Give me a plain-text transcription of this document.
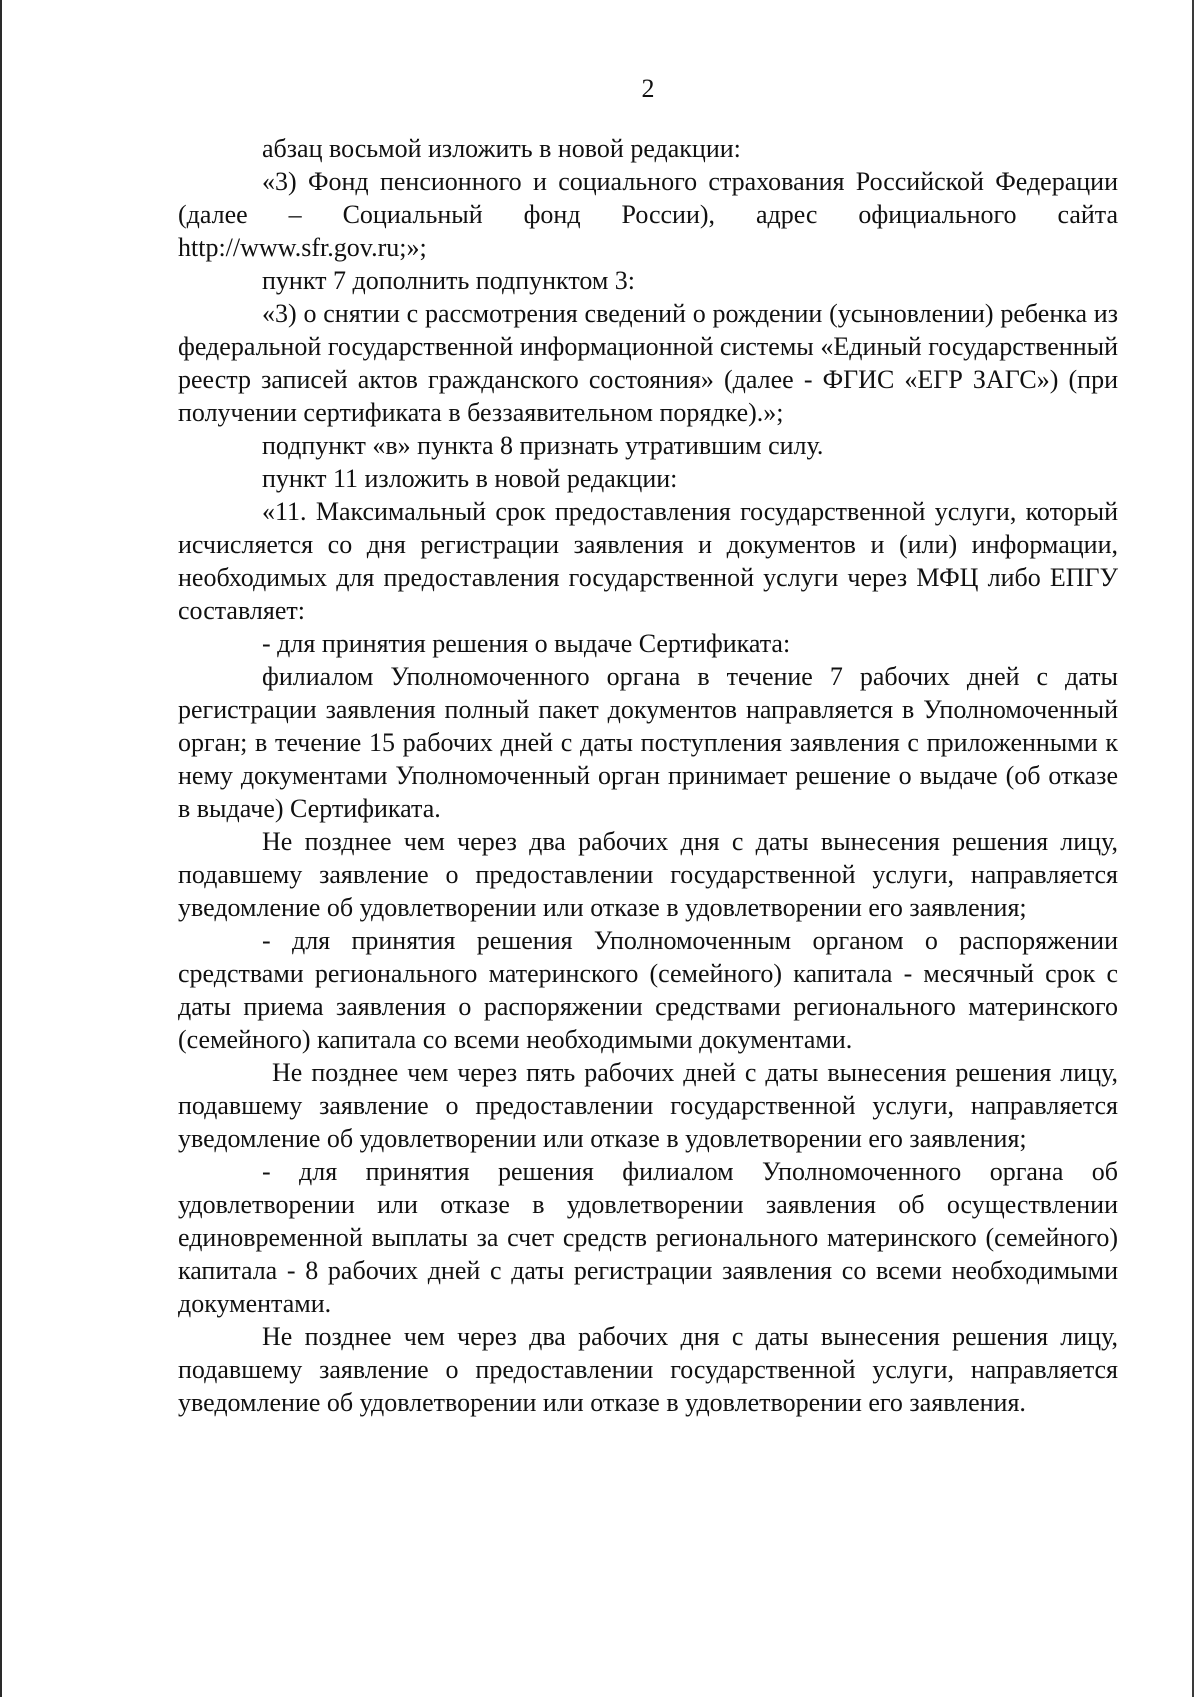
2

абзац восьмой изложить в новой редакции:

«3) Фонд пенсионного и социального страхования Российской Федерации (далее – Социальный фонд России), адрес официального сайта http://www.sfr.gov.ru;»;

пункт 7 дополнить подпунктом 3:

«3) о снятии с рассмотрения сведений о рождении (усыновлении) ребенка из федеральной государственной информационной системы «Единый государственный реестр записей актов гражданского состояния» (далее - ФГИС «ЕГР ЗАГС») (при получении сертификата в беззаявительном порядке).»;

подпункт «в» пункта 8 признать утратившим силу.

пункт 11 изложить в новой редакции:

«11. Максимальный срок предоставления государственной услуги, который исчисляется со дня регистрации заявления и документов и (или) информации, необходимых для предоставления государственной услуги через МФЦ либо ЕПГУ составляет:

- для принятия решения о выдаче Сертификата:

филиалом Уполномоченного органа в течение 7 рабочих дней с даты регистрации заявления полный пакет документов направляется в Уполномоченный орган; в течение 15 рабочих дней с даты поступления заявления с приложенными к нему документами Уполномоченный орган принимает решение о выдаче (об отказе в выдаче) Сертификата.

Не позднее чем через два рабочих дня с даты вынесения решения лицу, подавшему заявление о предоставлении государственной услуги, направляется уведомление об удовлетворении или отказе в удовлетворении его заявления;

- для принятия решения Уполномоченным органом о распоряжении средствами регионального материнского (семейного) капитала - месячный срок с даты приема заявления о распоряжении средствами регионального материнского (семейного) капитала со всеми необходимыми документами.

Не позднее чем через пять рабочих дней с даты вынесения решения лицу, подавшему заявление о предоставлении государственной услуги, направляется уведомление об удовлетворении или отказе в удовлетворении его заявления;

- для принятия решения филиалом Уполномоченного органа об удовлетворении или отказе в удовлетворении заявления об осуществлении единовременной выплаты за счет средств регионального материнского (семейного) капитала - 8 рабочих дней с даты регистрации заявления со всеми необходимыми документами.

Не позднее чем через два рабочих дня с даты вынесения решения лицу, подавшему заявление о предоставлении государственной услуги, направляется уведомление об удовлетворении или отказе в удовлетворении его заявления.
